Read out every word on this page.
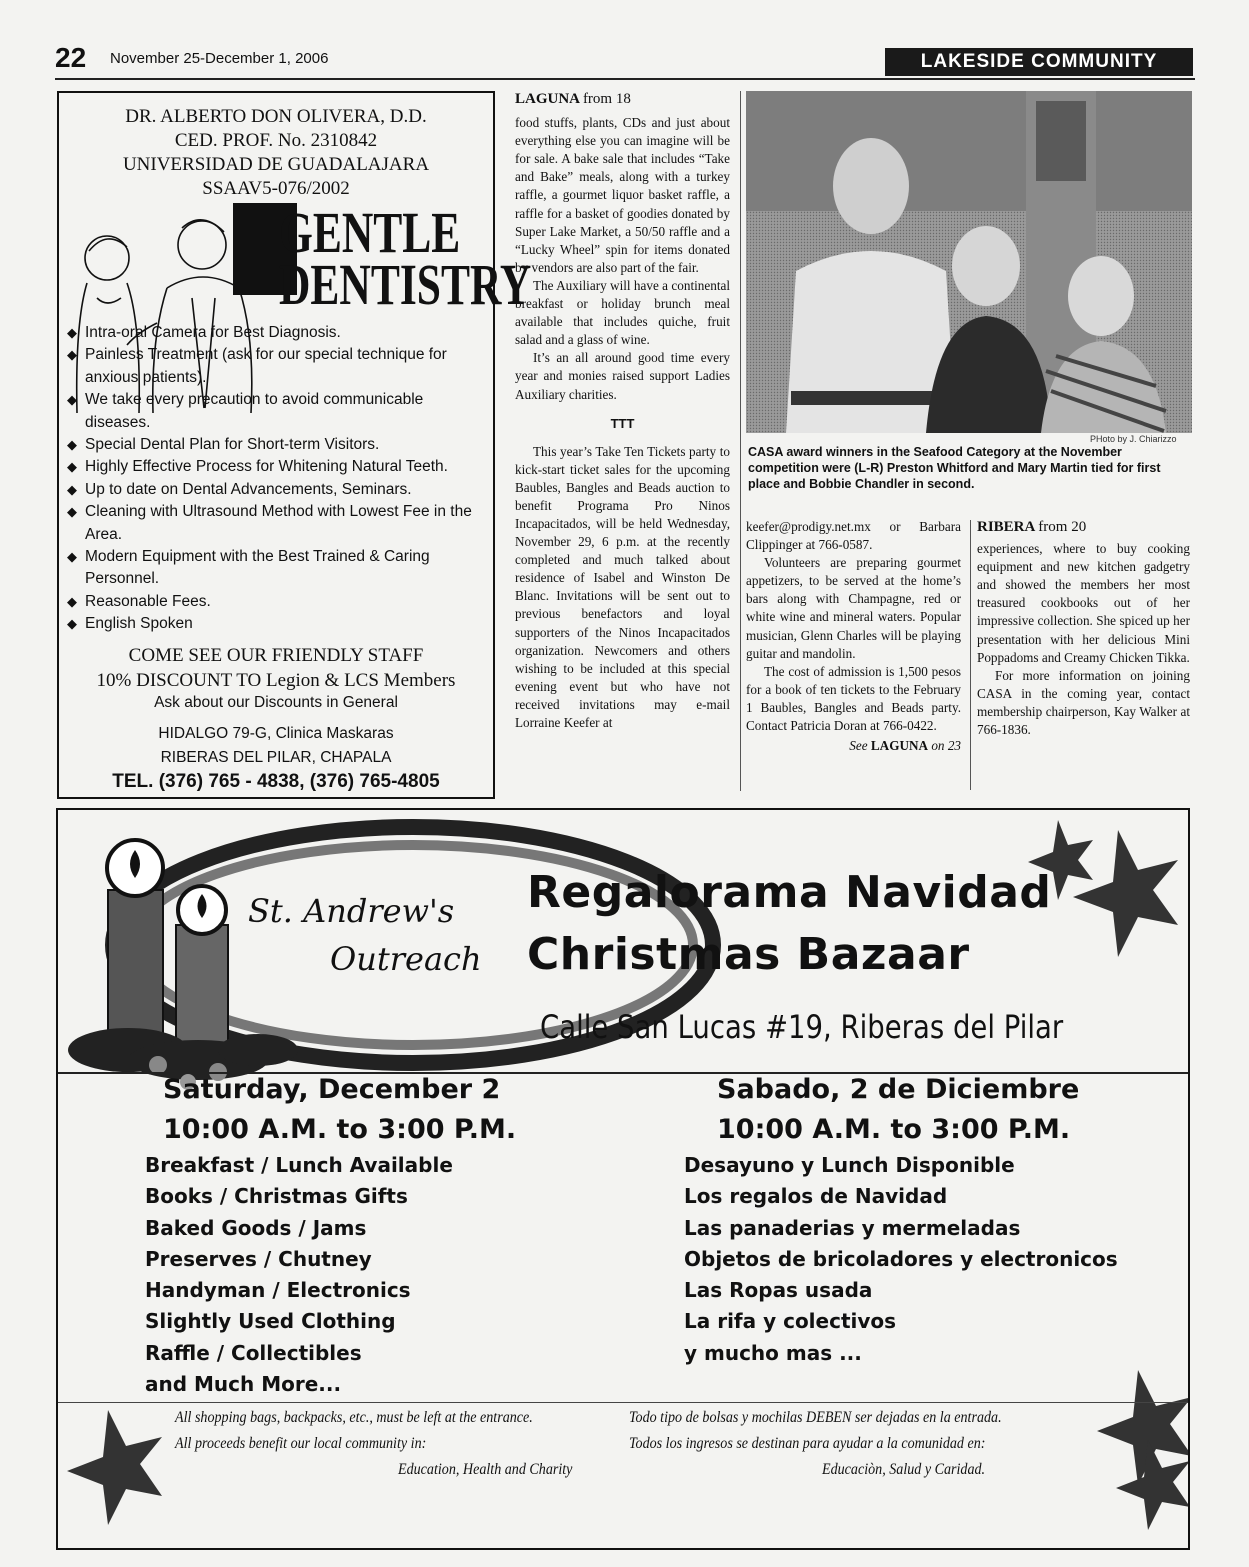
22 November 25-December 1, 2006	LAKESIDE COMMUNITY
DR. ALBERTO DON OLIVERA, D.D.
CED. PROF. No. 2310842
UNIVERSIDAD DE GUADALAJARA
SSAAV5-076/2002
GENTLE
DENTISTRY
◆ Intra-oral Camera for Best Diagnosis.
◆ Painless Treatment (ask for our special technique for anxious patients).
◆ We take every precaution to avoid communicable diseases.
◆ Special Dental Plan for Short-term Visitors.
◆ Highly Effective Process for Whitening Natural Teeth.
◆ Up to date on Dental Advancements, Seminars.
◆ Cleaning with Ultrasound Method with Lowest Fee in the Area.
◆ Modern Equipment with the Best Trained & Caring Personnel.
◆ Reasonable Fees.
◆ English Spoken
COME SEE OUR FRIENDLY STAFF
10% DISCOUNT TO Legion & LCS Members
Ask about our Discounts in General
HIDALGO 79-G, Clinica Maskaras
RIBERAS DEL PILAR, CHAPALA
TEL. (376) 765 - 4838, (376) 765-4805

LAGUNA from 18

food stuffs, plants, CDs and just about everything else you can imagine will be for sale. A bake sale that includes “Take and Bake” meals, along with a turkey raffle, a gourmet liquor basket raffle, a raffle for a basket of goodies donated by Super Lake Market, a 50/50 raffle and a “Lucky Wheel” spin for items donated by vendors are also part of the fair.

The Auxiliary will have a continental breakfast or holiday brunch meal available that includes quiche, fruit salad and a glass of wine.

It’s an all around good time every year and monies raised support Ladies Auxiliary charities.

TTT

This year’s Take Ten Tickets party to kick-start ticket sales for the upcoming Baubles, Bangles and Beads auction to benefit Programa Pro Ninos Incapacitados, will be held Wednesday, November 29, 6 p.m. at the recently completed and much talked about residence of Isabel and Winston De Blanc. Invitations will be sent out to previous benefactors and loyal supporters of the Ninos Incapacitados organization. Newcomers and others wishing to be included at this special evening event but who have not received invitations may e-mail Lorraine Keefer at

PHoto by J. Chiarizzo
CASA award winners in the Seafood Category at the November competition were (L-R) Preston Whitford and Mary Martin tied for first place and Bobbie Chandler in second.

keefer@prodigy.net.mx or Barbara Clippinger at 766-0587.

Volunteers are preparing gourmet appetizers, to be served at the home’s bars along with Champagne, red or white wine and mineral waters. Popular musician, Glenn Charles will be playing guitar and mandolin.

The cost of admission is 1,500 pesos for a book of ten tickets to the February 1 Baubles, Bangles and Beads party. Contact Patricia Doran at 766-0422.

See LAGUNA on 23

RIBERA from 20

experiences, where to buy cooking equipment and new kitchen gadgetry and showed the members her most treasured cookbooks out of her impressive collection. She spiced up her presentation with her delicious Mini Poppadoms and Creamy Chicken Tikka.

For more information on joining CASA in the coming year, contact membership chairperson, Kay Walker at 766-1836.

St. Andrew's
Outreach
Regalorama Navidad
Christmas Bazaar
Calle San Lucas #19, Riberas del Pilar
Saturday, December 2
10:00 A.M. to 3:00 P.M.
Sabado, 2 de Diciembre
10:00 A.M. to 3:00 P.M.
Breakfast / Lunch Available
Books / Christmas Gifts
Baked Goods / Jams
Preserves / Chutney
Handyman / Electronics
Slightly Used Clothing
Raffle / Collectibles
and Much More...
Desayuno y Lunch Disponible
Los regalos de Navidad
Las panaderias y mermeladas
Objetos de bricoladores y electronicos
Las Ropas usada
La rifa y colectivos
y mucho mas ...
All shopping bags, backpacks, etc., must be left at the entrance.
All proceeds benefit our local community in:
Education, Health and Charity
Todo tipo de bolsas y mochilas DEBEN ser dejadas en la entrada.
Todos los ingresos se destinan para ayudar a la comunidad en:
Educaciòn, Salud y Caridad.
